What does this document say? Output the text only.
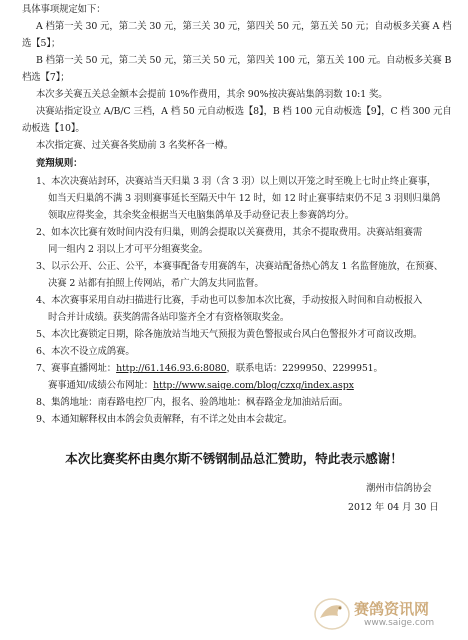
具体事项规定如下：
A 档第一关 30 元，第二关 30 元，第三关 30 元，第四关 50 元，第五关 50 元；自动板多关赛 A 档
选【5】；
B 档第一关 50 元，第二关 50 元，第三关 50 元，第四关 100 元，第五关 100 元。自动板多关赛 B
档选【7】；
本次多关赛五关总金额本会提前 10%作费用，其余 90%按决赛站集鸽羽数 10:1 奖。
决赛站指定设立 A/B/C 三档，A 档 50 元自动板选【8】，B 档 100 元自动板选【9】，C 档 300 元自
动板选【10】。
本次指定赛、过关赛各奖励前 3 名奖杯各一樽。
竞翔规则：
1、本次决赛站封环，决赛站当天归巢 3 羽（含 3 羽）以上则以开笼之时至晚上七时止终止赛事，
如当天归巢鸽不满 3 羽则赛事延长至隔天中午 12 时，如 12 时止赛事结束仍不足 3 羽则归巢鸽
领取应得奖金，其余奖金根据当天电脑集鸽单及手动登记表上参赛鸽均分。
2、如本次比赛有效时间内没有归巢，则鸽会提取以关赛费用，其余不提取费用。决赛站组赛需
同一组内 2 羽以上才可平分组赛奖金。
3、以示公开、公正、公平，本赛事配备专用赛鸽车，决赛站配备热心鸽友 1 名监督施放，在预赛、
决赛 2 站都有拍照上传网站，希广大鸽友共同监督。
4、本次赛事采用自动扫描进行比赛，手动也可以参加本次比赛，手动按报入时间和自动板报入
时合并计成绩。获奖鸽需各站印鉴齐全才有资格领取奖金。
5、本次比赛锁定日期，除各施放站当地天气预报为黄色警报或台风白色警报外才可商议改期。
6、本次不设立成鸽赛。
7、赛事直播网址：http://61.146.93.6:8080，联系电话：2299950、2299951。
赛事通知/成绩公布网址：http://www.saige.com/blog/czxg/index.aspx
8、集鸽地址：南春路电控厂内，报名、验鸽地址：枫春路金龙加油站后面。
9、本通知解释权由本鸽会负责解释，有不详之处由本会裁定。
本次比赛奖杯由奥尔斯不锈钢制品总汇赞助，特此表示感谢！
潮州市信鸽协会
2012 年 04 月 30 日
赛鸽资讯网
www.saige.com
